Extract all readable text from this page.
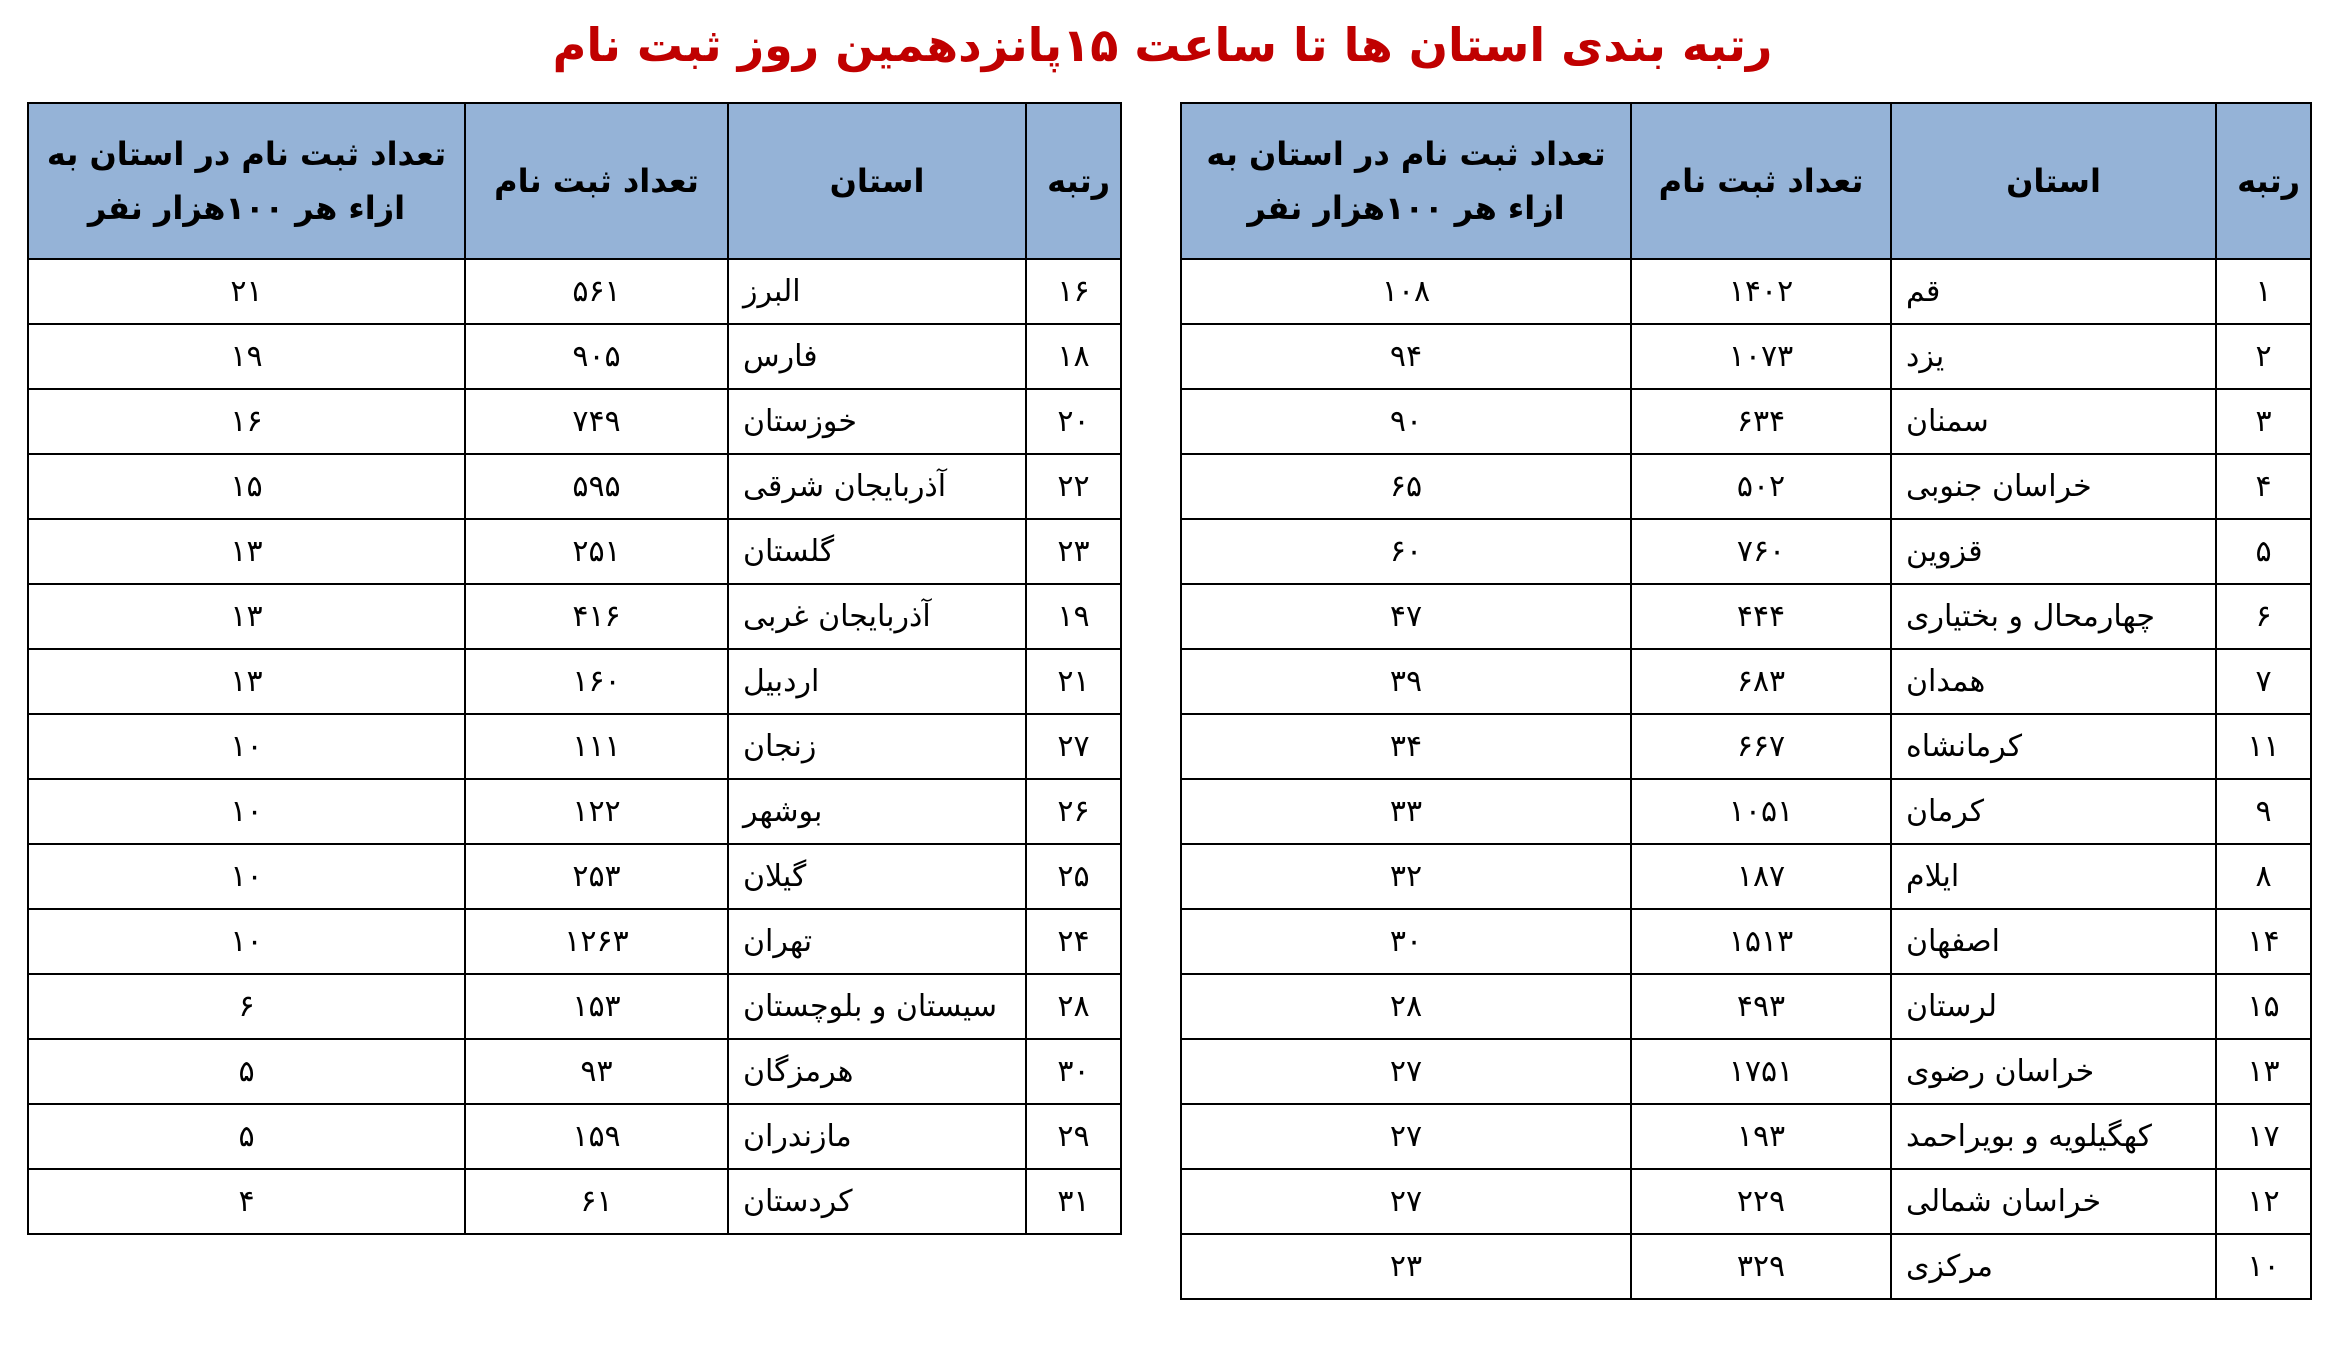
رتبه بندی استان ها تا ساعت ۱۵پانزدهمین روز ثبت نام
رتبه	استان	تعداد ثبت نام	تعداد ثبت نام در استان به ازاء هر ۱۰۰هزار نفر
۱	قم	۱۴۰۲	۱۰۸
۲	یزد	۱۰۷۳	۹۴
۳	سمنان	۶۳۴	۹۰
۴	خراسان جنوبی	۵۰۲	۶۵
۵	قزوین	۷۶۰	۶۰
۶	چهارمحال و بختیاری	۴۴۴	۴۷
۷	همدان	۶۸۳	۳۹
۱۱	کرمانشاه	۶۶۷	۳۴
۹	کرمان	۱۰۵۱	۳۳
۸	ایلام	۱۸۷	۳۲
۱۴	اصفهان	۱۵۱۳	۳۰
۱۵	لرستان	۴۹۳	۲۸
۱۳	خراسان رضوی	۱۷۵۱	۲۷
۱۷	کهگیلویه و بویراحمد	۱۹۳	۲۷
۱۲	خراسان شمالی	۲۲۹	۲۷
۱۰	مرکزی	۳۲۹	۲۳
رتبه	استان	تعداد ثبت نام	تعداد ثبت نام در استان به ازاء هر ۱۰۰هزار نفر
۱۶	البرز	۵۶۱	۲۱
۱۸	فارس	۹۰۵	۱۹
۲۰	خوزستان	۷۴۹	۱۶
۲۲	آذربایجان شرقی	۵۹۵	۱۵
۲۳	گلستان	۲۵۱	۱۳
۱۹	آذربایجان غربی	۴۱۶	۱۳
۲۱	اردبیل	۱۶۰	۱۳
۲۷	زنجان	۱۱۱	۱۰
۲۶	بوشهر	۱۲۲	۱۰
۲۵	گیلان	۲۵۳	۱۰
۲۴	تهران	۱۲۶۳	۱۰
۲۸	سیستان و بلوچستان	۱۵۳	۶
۳۰	هرمزگان	۹۳	۵
۲۹	مازندران	۱۵۹	۵
۳۱	کردستان	۶۱	۴
